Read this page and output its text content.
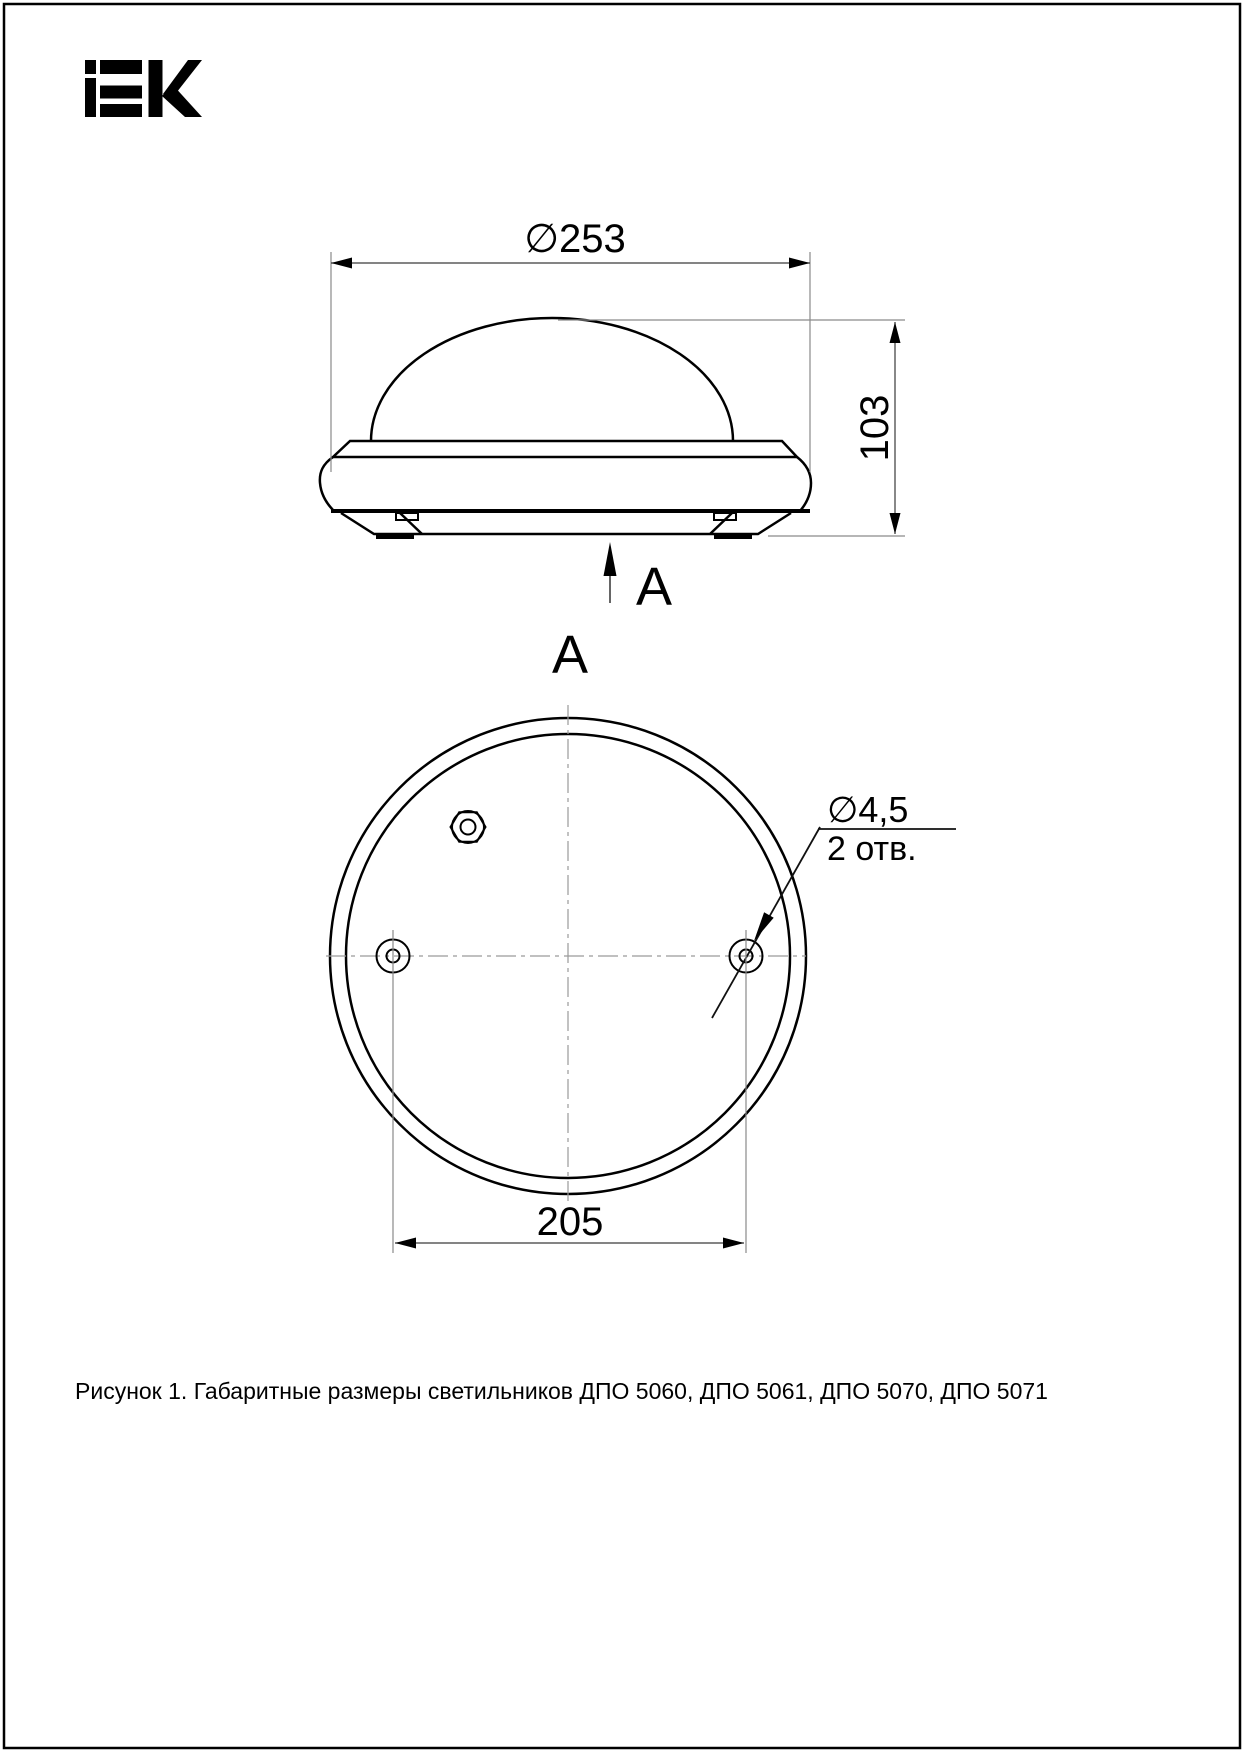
∅253
103
A
A
∅4,5
2 отв.
205
Рисунок 1. Габаритные размеры светильников ДПО 5060, ДПО 5061, ДПО 5070, ДПО 5071
